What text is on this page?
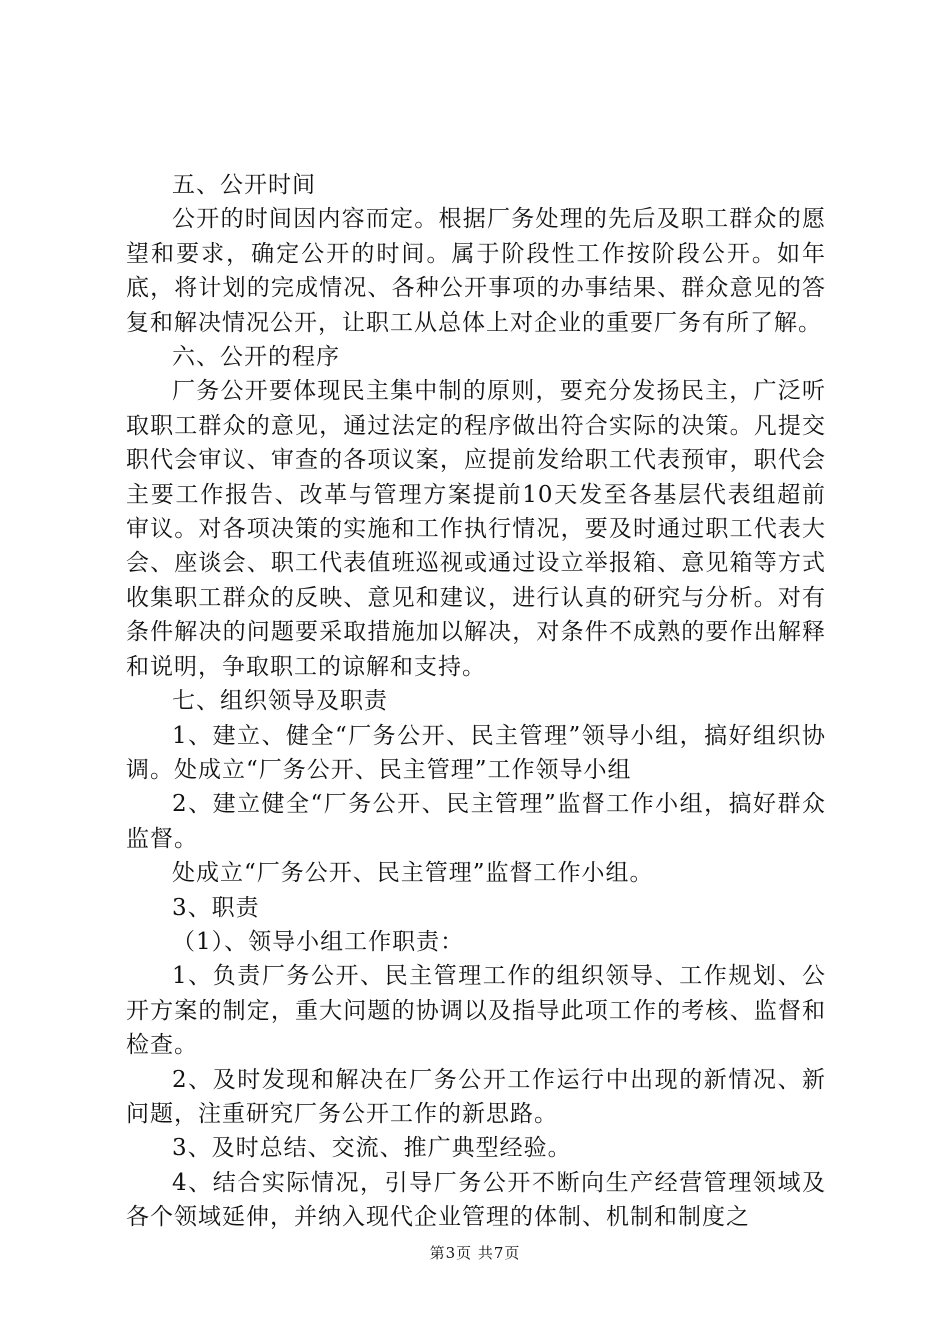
五、公开时间

公开的时间因内容而定。根据厂务处理的先后及职工群众的愿望和要求，确定公开的时间。属于阶段性工作按阶段公开。如年底，将计划的完成情况、各种公开事项的办事结果、群众意见的答复和解决情况公开，让职工从总体上对企业的重要厂务有所了解。

六、公开的程序

厂务公开要体现民主集中制的原则，要充分发扬民主，广泛听取职工群众的意见，通过法定的程序做出符合实际的决策。凡提交职代会审议、审查的各项议案，应提前发给职工代表预审，职代会主要工作报告、改革与管理方案提前10天发至各基层代表组超前审议。对各项决策的实施和工作执行情况，要及时通过职工代表大会、座谈会、职工代表值班巡视或通过设立举报箱、意见箱等方式收集职工群众的反映、意见和建议，进行认真的研究与分析。对有条件解决的问题要采取措施加以解决，对条件不成熟的要作出解释和说明，争取职工的谅解和支持。

七、组织领导及职责

1、建立、健全“厂务公开、民主管理”领导小组，搞好组织协调。处成立“厂务公开、民主管理”工作领导小组

2、建立健全“厂务公开、民主管理”监督工作小组，搞好群众监督。

处成立“厂务公开、民主管理”监督工作小组。

3、职责

（1）、领导小组工作职责：

1、负责厂务公开、民主管理工作的组织领导、工作规划、公开方案的制定，重大问题的协调以及指导此项工作的考核、监督和检查。

2、及时发现和解决在厂务公开工作运行中出现的新情况、新问题，注重研究厂务公开工作的新思路。

3、及时总结、交流、推广典型经验。

4、结合实际情况，引导厂务公开不断向生产经营管理领域及各个领域延伸，并纳入现代企业管理的体制、机制和制度之

第3页 共7页
